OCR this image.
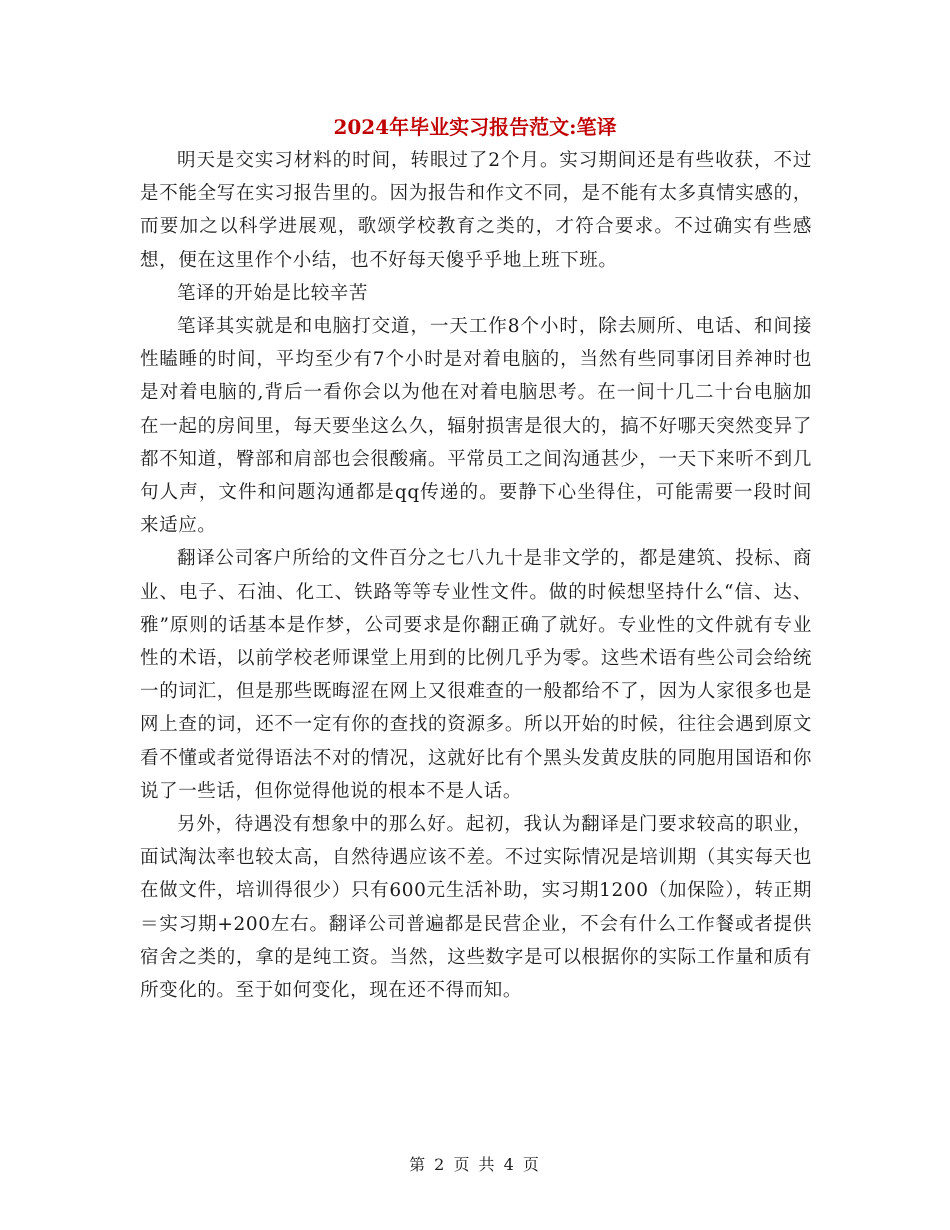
2024年毕业实习报告范文:笔译

明天是交实习材料的时间，转眼过了2个月。实习期间还是有些收获，不过是不能全写在实习报告里的。因为报告和作文不同，是不能有太多真情实感的，而要加之以科学进展观，歌颂学校教育之类的，才符合要求。不过确实有些感想，便在这里作个小结，也不好每天傻乎乎地上班下班。

笔译的开始是比较辛苦

笔译其实就是和电脑打交道，一天工作8个小时，除去厕所、电话、和间接性瞌睡的时间，平均至少有7个小时是对着电脑的，当然有些同事闭目养神时也是对着电脑的,背后一看你会以为他在对着电脑思考。在一间十几二十台电脑加在一起的房间里，每天要坐这么久，辐射损害是很大的，搞不好哪天突然变异了都不知道，臀部和肩部也会很酸痛。平常员工之间沟通甚少，一天下来听不到几句人声，文件和问题沟通都是qq传递的。要静下心坐得住，可能需要一段时间来适应。

翻译公司客户所给的文件百分之七八九十是非文学的，都是建筑、投标、商业、电子、石油、化工、铁路等等专业性文件。做的时候想坚持什么“信、达、雅”原则的话基本是作梦，公司要求是你翻正确了就好。专业性的文件就有专业性的术语，以前学校老师课堂上用到的比例几乎为零。这些术语有些公司会给统一的词汇，但是那些既晦涩在网上又很难查的一般都给不了，因为人家很多也是网上查的词，还不一定有你的查找的资源多。所以开始的时候，往往会遇到原文看不懂或者觉得语法不对的情况，这就好比有个黑头发黄皮肤的同胞用国语和你说了一些话，但你觉得他说的根本不是人话。

另外，待遇没有想象中的那么好。起初，我认为翻译是门要求较高的职业，面试淘汰率也较太高，自然待遇应该不差。不过实际情况是培训期（其实每天也在做文件，培训得很少）只有600元生活补助，实习期1200（加保险），转正期＝实习期+200左右。翻译公司普遍都是民营企业，不会有什么工作餐或者提供宿舍之类的，拿的是纯工资。当然，这些数字是可以根据你的实际工作量和质有所变化的。至于如何变化，现在还不得而知。

第 2 页 共 4 页
